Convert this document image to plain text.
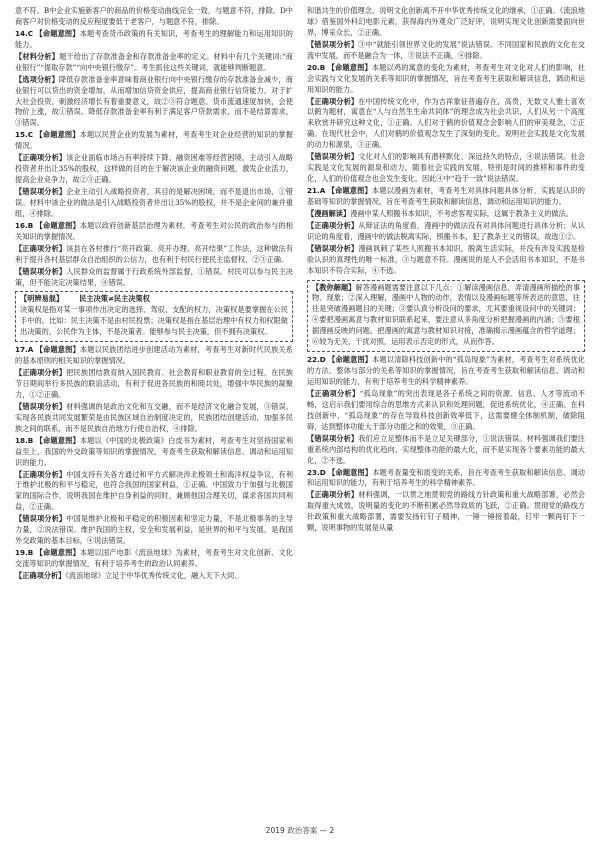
意不符。B中企业实施新客户的商品的价格变动曲线完全一致，与题意不符，排除。D中商客户对价格变动的反应程度要低于老客户，与题意不符，排除。

14.C 【命题意图】本题考查货币政策的有关知识，考查考生的理解能力和运用知识的能力。

【材料分析】题干给出了存款准备金和存款准备金率的定义。材料中有几个关键词:“商业银行”“提取存款”“向中央银行缴存”。考生抓住这些关键词，就能够判断题意。

【选项分析】降低存款准备金率意味着商业银行向中央银行缴存的存款准备金减少，商业银行可以贷出的资金增加，从而增加信贷资金供应，提高商业银行信贷能力，对于扩大社会投资，刺激经济增长有着重要意义，故②③符合题意。货币流通速度加快，会使物价上涨，故①错误。降低存款准备金率有利于满足客户贷款需求，而不是结算需求，③错误。

15.C 【命题意图】本题以民营企业的发展为素材，考查考生对企业经营的知识的掌握情况。

【正确项分析】该企业面临市场占有率持续下降、融资困难等经营困境，主动引入战略投资者并出让35%的股权，这样做的目的在于解决该企业的融资问题，激发企业活力，提高企业竞争力，故②③正确。

【错误项分析】企业主动引入战略投资者，其目的是解决困境，而不是退出市场，①错误。材料中该企业的做法是引入战略投资者并出让35%的股权，并不是企业间的兼并重组，④排除。

16.B 【命题意图】本题以政府创新基层治理为素材，考查考生对公民的政治参与的相关知识的掌握情况。

【正确项分析】该县在各村推行“亮开政策、亮开办理、亮开结果”工作法，这种做法有利于提升各村基层群众自治组织的公信力，也有利于村民行使民主监督权，②③正确。

【错误项分析】人民群众的监督属于行政系统外部监督，①错误。村民可以参与民主决策，但不能决定决策结果，④错误。

【明辨易混】 民主决策≠民主决策权

决策权是指对某一事项作出决定的选择、驾驭、支配的权力，决策权是要掌握在公民手中的，比如：民主决策不是由村民投票；决策权是指在基层治理中有权力和权限做出决策的，公民作为主体，不是决策者。能够参与民主决策，但不拥有决策权。

17.A 【命题意图】本题以民族团结进步创建活动为素材，考查考生对新时代民族关系的基本原则的相关知识的掌握情况。

【正确项分析】把民族团结教育纳入国民教育、社会教育和职业教育的全过程，在民族节日期间举行多民族的联谊活动，有利于促进各民族的和睦共处，增强中华民族的凝聚力，①②正确。

【错误项分析】材料强调的是政治文化和互交融，而不是经济文化融合发展，③错误。实现各民族共同发展繁荣是由民族区域自治制度决定的，民族团结创建活动，加强多民族之间的联系，而不是民族自治地方行使自治权，④排除。

18.B 【命题意图】本题以《中国的北极政策》白皮书为素材，考查考生对坚持国家利益至上，我国的外交政策等知识的掌握情况，考查考生获取和解读信息、调动和运用知识的能力。

【正确项分析】中国支持有关各方通过和平方式解决涉北极领土和海洋权益争议，有利于维护北极的和平与稳定，也符合我国的国家利益，①正确。中国致力于加强与北极国家的国际合作，说明我国在维护自身利益的同时，兼顾他国合理关切，谋求各国共同利益，②正确。

【错误项分析】中国是维护北极和平稳定的积极因素和坚定力量，不是北极事务的主导力量，②说法错误。维护我国的主权，安全和发展利益，是世界的和平与发展，是我国外交政策的基本目标，④说法错误。

19.B 【命题意图】本题以国产电影《流浪地球》为素材，考查考生对文化创新、文化交流等知识的掌握情况，有利于培养考生的政治认同素养。

【正确项分析】《流浪地球》立足于中华优秀传统文化，融入天下大同、

和谐共生的价值理念，说明文化创新离不开中华优秀传统文化的继承，①正确。《流浪地球》借鉴国外科幻电影元素，获得海内外观众广泛好评，说明实现文化创新需要面向世界，博采众长，②正确。

【错误项分析】③中“就能引领世界文化的发展”说法错误。不同国家和民族的文化在交流中发展，而不是融合为一体，③说法不正确，④排除。

20.B 【命题意图】本题以鸡的寓意的变化为素材，考查考生对文化对人们的影响，社会实践与文化发展的关系等知识的掌握情况，旨在考查考生获取和解读信息，调动和运用知识的能力。

【正确项分析】在中国传统文化中，作为吉祥象征普遍存在，高贵，无数文人雅士喜欢以鹤为题材，寓意在“人与自然生生命共同体”的理念成为社会共识，人们从另一个高度来欣赏并研究这种文化，①正确。人们对于鹤的价值观念会影响人们的审美观念，②正确。在现代社会中，人们对鹤的价值观念发生了深刻的变化，说明社会实践是文化发展的动力和源泉，③正确。

【错误项分析】文化对人们的影响具有潜移默化、深远持久的特点，④说法错误。社会实践是文化发展的源泉和动力，随着社会实践的发展，特别是时间的推移和事件的变化，人们的价值观念也会发生变化，因此④中“趋于一致”说法错误。

21.A 【命题意图】本题以漫画为素材，考查考生对具体问题具体分析、实践是认识的基础等知识的掌握情况，旨在考查考生获取和解读信息，调动和运用知识的能力。

【漫画解读】漫画中某人照搬书本知识，不考虑客观实际，这属于教条主义的做法。

【正确项分析】从辩证法的角度看，漫画中的做法没有对具体问题进行具体分析；从认识论的角度看，漫画中的做法脱离实际，照搬书本，犯了教条主义的错误，故选①②。

【错误项分析】漫画讽刺了某些人照搬书本知识，脱离生活实际，并没有涉及实践是检验认识的真理性的唯一标准，③与题意不符。漫画说的是人不会活用书本知识，不是书本知识不符合实际，④不选。

【教你解题】解答漫画题需要注意以下几点：①解读漫画信息，弄清漫画所描绘的事物、现象；②深入理解，漫画中人物的动作，表情以及漫画标题等所表达的意思，往往是突破漫画题目的关键；③要认真分析设问的要求，尤其要重视设问中的关键词；④要把漫画寓意与教材知识联系起来，要注意从多角度分析把握漫画的内涵；⑤要根据漫画反映的问题，把漫画的寓意与教材知识对接，准确揭示漫画蕴含的哲学道理；⑥较为无关、干扰对照，运用表示否定的形式，从而作答。

22.D 【命题意图】本题以清除科技创新中的“孤岛现象”为素材，考查考生对系统优化的方法、整体与部分的关系等知识的掌握情况，旨在考查考生获取和解读信息、调动和运用知识的能力，有利于培养考生的科学精神素养。

【正确项分析】“孤岛现象”的突出表现是各子系统之间的资源、信息、人才等流动不畅，这启示我们要用综合的思维方式来认识和处理问题，促进系统优化，④正确。在科技创新中，“孤岛现象”的存在导致科技创新效率低下，这需要健全体制机制，破除阻碍，达到整体功能大于部分功能之和的效果，③正确。

【错误项分析】我们应立足整体而不是立足关键部分，①说法错误。材料强调我们要注重系统内部结构的优化趋向，实现整体功能的最大化，而不是实现各个要素功能的最大化，②不选。

23.D 【命题意图】本题考查量变和质变的关系，旨在考查考生获取和解读信息、调动和运用知识的能力，有利于培养考生的科学精神素养。

【正确项分析】材料强调，一以贯之地贯彻党的路线方针政策和重大战略部署，必然会取得重大成效，说明量的变化的不断积累必然导致质的飞跃，②正确。贯彻党的路线方针政策和重大战略部署，需要发扬钉钉子精神，一锤一锤接着敲，钉牢一颗再钉下一颗，说明事物的发展是从量

2019 政治答案 — 2
